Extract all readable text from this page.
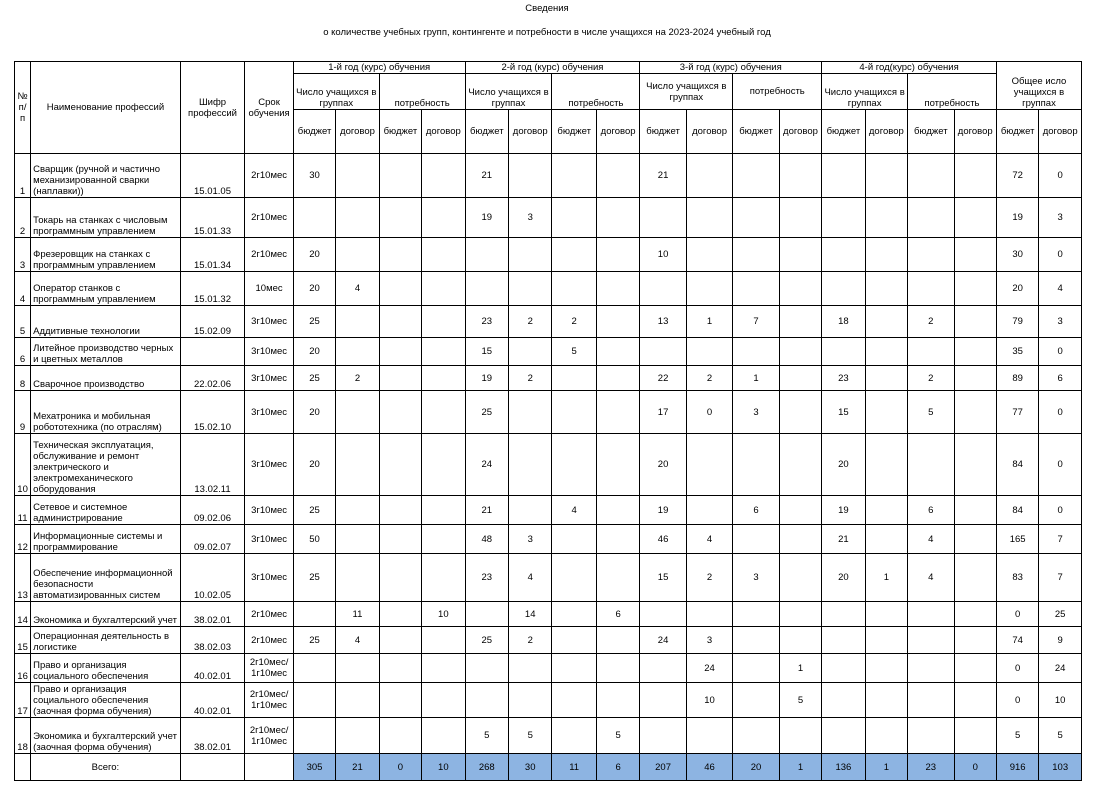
Сведения
о количестве учебных групп, контингенте и потребности в числе учащихся на 2023-2024 учебный год
№ п/п	Наименование профессий	Шифр профессий	Срок обучения	1-й год (курс) обучения				2-й год (курс) обучения				3-й год (курс) обучения				4-й год(курс) обучения				Общее исло учащихся в группах	
				Число учащихся в группах		потребность		Число учащихся в группах		потребность		Число учащихся в группах		потребность		Число учащихся в группах		потребность			

				бюджет	договор	бюджет	договор	бюджет	договор	бюджет	договор	бюджет	договор	бюджет	договор	бюджет	договор	бюджет	договор	бюджет	договор
1	Сварщик (ручной и частично механизированной сварки (наплавки))	15.01.05	2г10мес	30				21				21								72	0
2	Токарь на станках с числовым программным управлением	15.01.33	2г10мес					19	3											19	3
3	Фрезеровщик на станках с программным управлением	15.01.34	2г10мес	20								10								30	0
4	Оператор станков с программным управлением	15.01.32	10мес	20	4															20	4
5	Аддитивные технологии	15.02.09	3г10мес	25				23	2	2		13	1	7		18		2		79	3
6	Литейное производство черных и цветных металлов		3г10мес	20				15		5										35	0
8	Сварочное производство	22.02.06	3г10мес	25	2			19	2			22	2	1		23		2		89	6
9	Мехатроника и мобильная робототехника (по отраслям)	15.02.10	3г10мес	20				25				17	0	3		15		5		77	0
10	Техническая эксплуатация, обслуживание и ремонт электрического и электромеханического оборудования	13.02.11	3г10мес	20				24				20				20				84	0
11	Сетевое и системное администрирование	09.02.06	3г10мес	25				21		4		19		6		19		6		84	0
12	Информационные системы и программирование	09.02.07	3г10мес	50				48	3			46	4			21		4		165	7
13	Обеспечение информационной безопасности автоматизированных систем	10.02.05	3г10мес	25				23	4			15	2	3		20	1	4		83	7
14	Экономика и бухгалтерский учет	38.02.01	2г10мес		11		10		14		6									0	25
15	Операционная деятельность в логистике	38.02.03	2г10мес	25	4			25	2			24	3							74	9
16	Право и организация социального обеспечения	40.02.01	2г10мес/ 1г10мес										24		1					0	24
17	Право и организация социального обеспечения (заочная форма обучения)	40.02.01	2г10мес/ 1г10мес										10		5					0	10
18	Экономика и бухгалтерский учет (заочная форма обучения)	38.02.01	2г10мес/ 1г10мес					5	5		5									5	5
	Всего:			305	21	0	10	268	30	11	6	207	46	20	1	136	1	23	0	916	103
